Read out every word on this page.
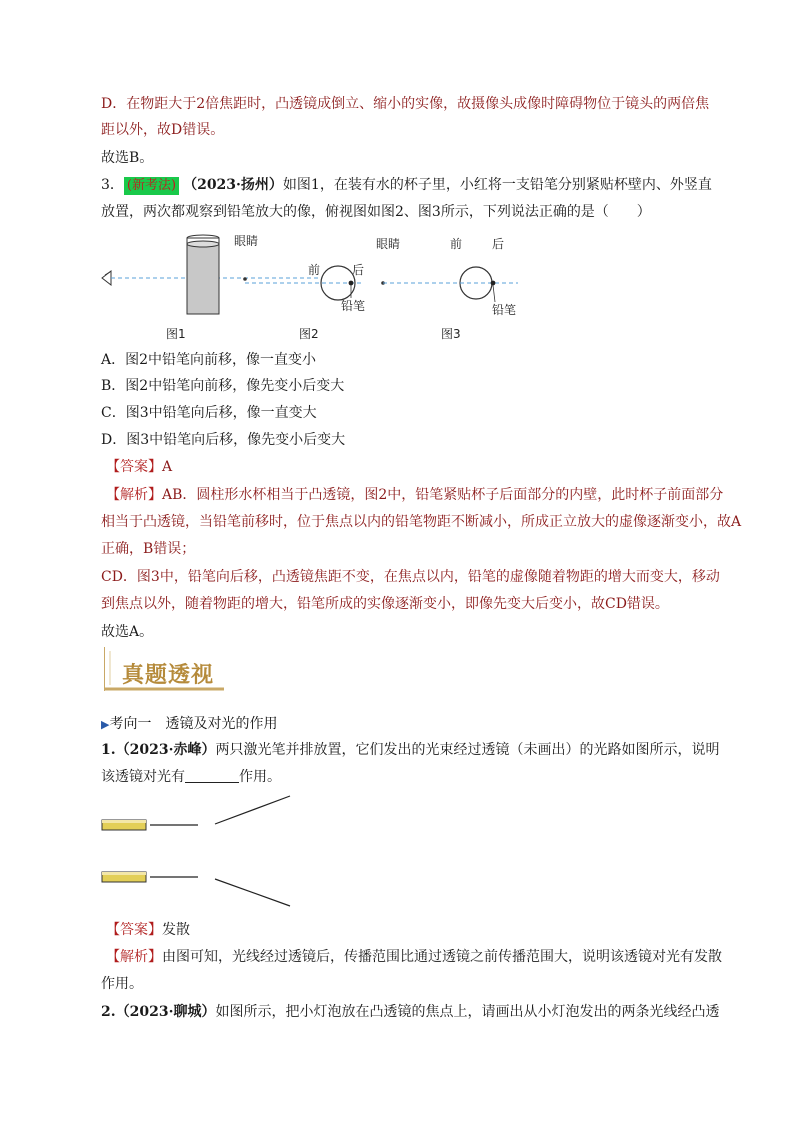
D．在物距大于2倍焦距时，凸透镜成倒立、缩小的实像，故摄像头成像时障碍物位于镜头的两倍焦
距以外，故D错误。
故选B。
3． (新考法) （2023·扬州）如图1，在装有水的杯子里，小红将一支铅笔分别紧贴杯壁内、外竖直
放置，两次都观察到铅笔放大的像，俯视图如图2、图3所示，下列说法正确的是（　　）
眼睛
前	后
铅笔
眼睛	前 后
铅笔
图1	图2	图3
A．图2中铅笔向前移，像一直变小
B．图2中铅笔向前移，像先变小后变大
C．图3中铅笔向后移，像一直变大
D．图3中铅笔向后移，像先变小后变大
【答案】A
【解析】AB．圆柱形水杯相当于凸透镜，图2中，铅笔紧贴杯子后面部分的内壁，此时杯子前面部分
相当于凸透镜，当铅笔前移时，位于焦点以内的铅笔物距不断减小，所成正立放大的虚像逐渐变小，故A
正确，B错误；
CD．图3中，铅笔向后移，凸透镜焦距不变，在焦点以内，铅笔的虚像随着物距的增大而变大，移动
到焦点以外，随着物距的增大，铅笔所成的实像逐渐变小，即像先变大后变小，故CD错误。
故选A。
真题透视
▶考向一　透镜及对光的作用
1.（2023·赤峰）两只激光笔并排放置，它们发出的光束经过透镜（未画出）的光路如图所示，说明
该透镜对光有	作用。
【答案】发散
【解析】由图可知，光线经过透镜后，传播范围比通过透镜之前传播范围大，说明该透镜对光有发散
作用。
2.（2023·聊城）如图所示，把小灯泡放在凸透镜的焦点上，请画出从小灯泡发出的两条光线经凸透
